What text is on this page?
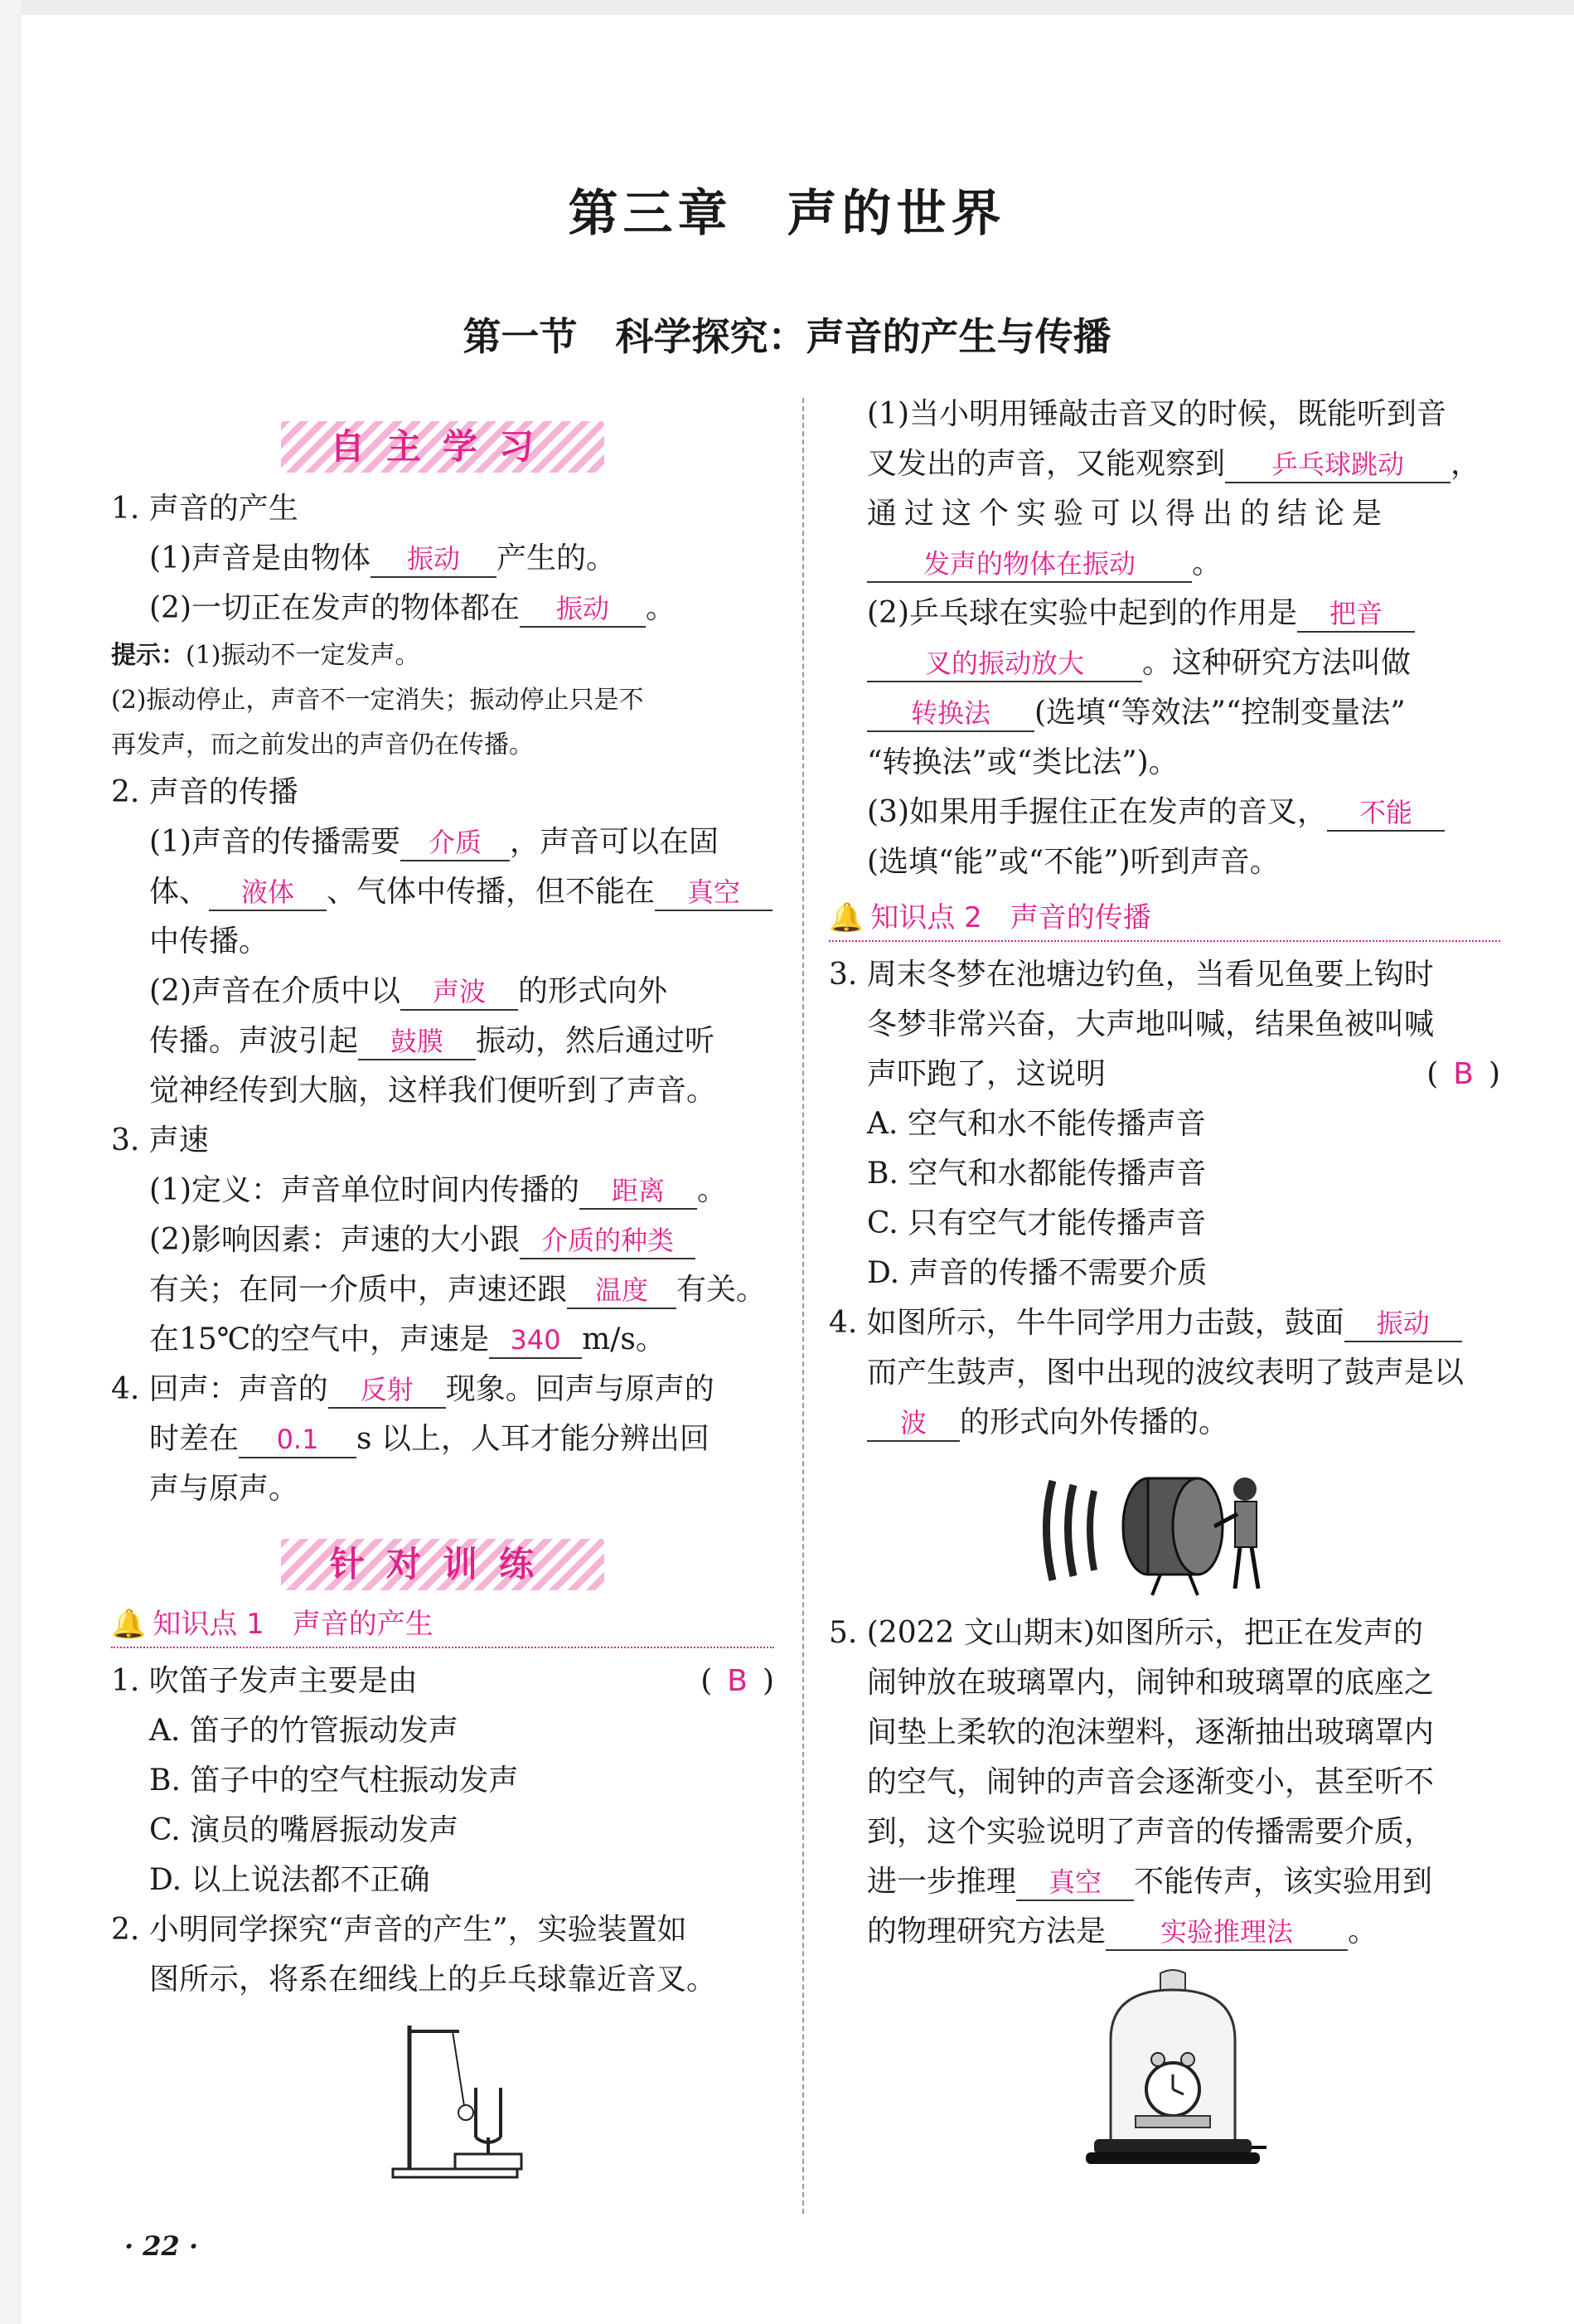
第三章　声的世界
第一节　科学探究：声音的产生与传播
自主学习
1. 声音的产生
(1)声音是由物体 振动 产生的。
(2)一切正在发声的物体都在 振动 。
提示：(1)振动不一定发声。
(2)振动停止，声音不一定消失；振动停止只是不
再发声，而之前发出的声音仍在传播。
2. 声音的传播
(1)声音的传播需要 介质 ，声音可以在固
体、 液体 、气体中传播，但不能在 真空
中传播。
(2)声音在介质中以 声波 的形式向外
传播。声波引起 鼓膜 振动，然后通过听
觉神经传到大脑，这样我们便听到了声音。
3. 声速
(1)定义：声音单位时间内传播的 距离 。
(2)影响因素：声速的大小跟 介质的种类
有关；在同一介质中，声速还跟 温度 有关。
在15℃的空气中，声速是 340 m/s。
4. 回声：声音的 反射 现象。回声与原声的
时差在 0.1 s 以上，人耳才能分辨出回
声与原声。
针对训练
🔔 知识点 1　声音的产生
1. 吹笛子发声主要是由	( B )
A. 笛子的竹管振动发声
B. 笛子中的空气柱振动发声
C. 演员的嘴唇振动发声
D. 以上说法都不正确
2. 小明同学探究“声音的产生”，实验装置如
图所示，将系在细线上的乒乓球靠近音叉。
(1)当小明用锤敲击音叉的时候，既能听到音
叉发出的声音，又能观察到 乒乓球跳动 ，
通过这个实验可以得出的结论是
发声的物体在振动 。
(2)乒乓球在实验中起到的作用是 把音
叉的振动放大 。这种研究方法叫做
转换法 (选填“等效法”“控制变量法”
“转换法”或“类比法”)。
(3)如果用手握住正在发声的音叉， 不能
(选填“能”或“不能”)听到声音。
🔔 知识点 2　声音的传播
3. 周末冬梦在池塘边钓鱼，当看见鱼要上钩时
冬梦非常兴奋，大声地叫喊，结果鱼被叫喊
声吓跑了，这说明	( B )
A. 空气和水不能传播声音
B. 空气和水都能传播声音
C. 只有空气才能传播声音
D. 声音的传播不需要介质
4. 如图所示，牛牛同学用力击鼓，鼓面 振动
而产生鼓声，图中出现的波纹表明了鼓声是以
波 的形式向外传播的。
5. (2022 文山期末)如图所示，把正在发声的
闹钟放在玻璃罩内，闹钟和玻璃罩的底座之
间垫上柔软的泡沫塑料，逐渐抽出玻璃罩内
的空气，闹钟的声音会逐渐变小，甚至听不
到，这个实验说明了声音的传播需要介质，
进一步推理 真空 不能传声，该实验用到
的物理研究方法是 实验推理法 。
· 22 ·
